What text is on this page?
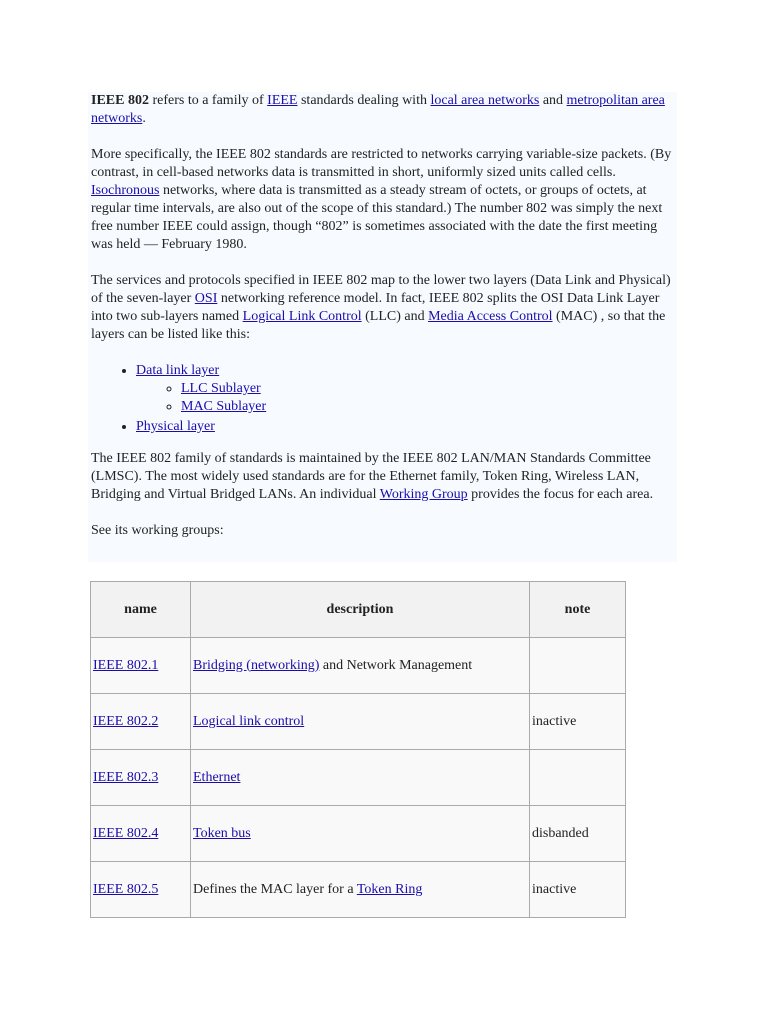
IEEE 802 refers to a family of IEEE standards dealing with local area networks and metropolitan area networks.

More specifically, the IEEE 802 standards are restricted to networks carrying variable-size packets. (By contrast, in cell-based networks data is transmitted in short, uniformly sized units called cells. Isochronous networks, where data is transmitted as a steady stream of octets, or groups of octets, at regular time intervals, are also out of the scope of this standard.) The number 802 was simply the next free number IEEE could assign, though “802” is sometimes associated with the date the first meeting was held — February 1980.

The services and protocols specified in IEEE 802 map to the lower two layers (Data Link and Physical) of the seven-layer OSI networking reference model. In fact, IEEE 802 splits the OSI Data Link Layer into two sub-layers named Logical Link Control (LLC) and Media Access Control (MAC) , so that the layers can be listed like this:

• Data link layer
◦ LLC Sublayer
◦ MAC Sublayer
• Physical layer

The IEEE 802 family of standards is maintained by the IEEE 802 LAN/MAN Standards Committee (LMSC). The most widely used standards are for the Ethernet family, Token Ring, Wireless LAN, Bridging and Virtual Bridged LANs. An individual Working Group provides the focus for each area.

See its working groups:

name	description	note
IEEE 802.1	Bridging (networking) and Network Management	
IEEE 802.2	Logical link control	inactive
IEEE 802.3	Ethernet	
IEEE 802.4	Token bus	disbanded
IEEE 802.5	Defines the MAC layer for a Token Ring	inactive
